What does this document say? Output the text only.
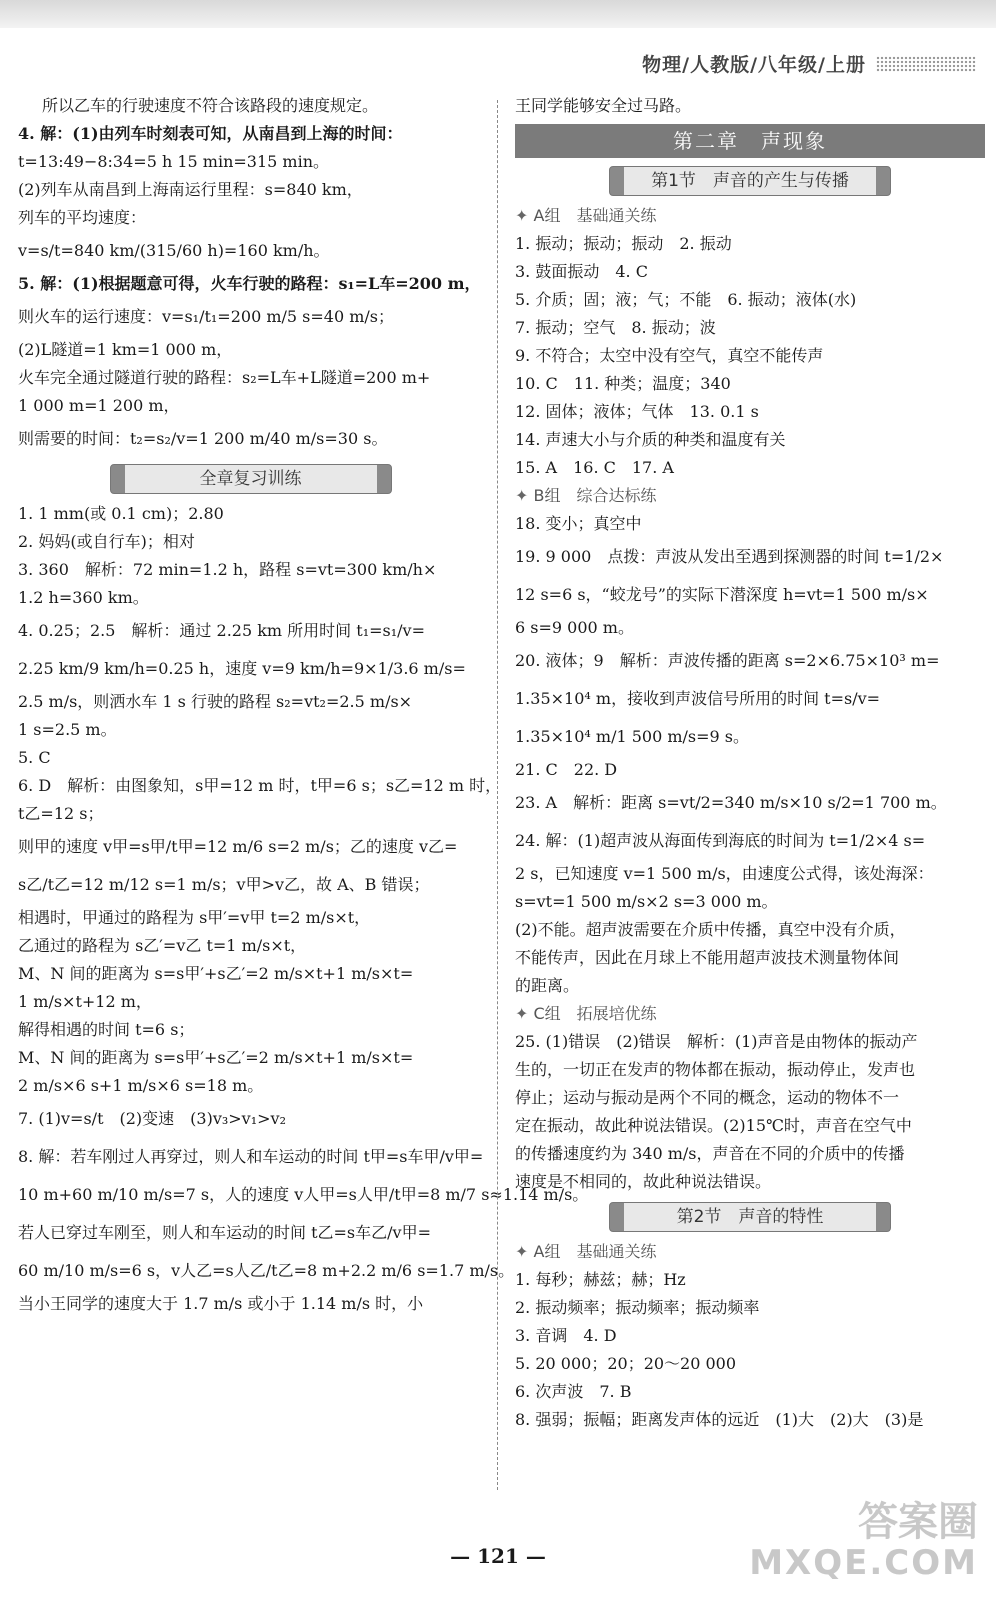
物理/人教版/八年级/上册
所以乙车的行驶速度不符合该路段的速度规定。
4. 解：(1)由列车时刻表可知，从南昌到上海的时间：
t=13:49−8:34=5 h 15 min=315 min。
(2)列车从南昌到上海南运行里程：s=840 km，
列车的平均速度：
v=s/t=840 km/(315/60 h)=160 km/h。
5. 解：(1)根据题意可得，火车行驶的路程：s₁=L车=200 m，
则火车的运行速度：v=s₁/t₁=200 m/5 s=40 m/s；
(2)L隧道=1 km=1 000 m，
火车完全通过隧道行驶的路程：s₂=L车+L隧道=200 m+
1 000 m=1 200 m，
则需要的时间：t₂=s₂/v=1 200 m/40 m/s=30 s。
全章复习训练
1. 1 mm(或 0.1 cm)；2.80
2. 妈妈(或自行车)；相对
3. 360　解析：72 min=1.2 h，路程 s=vt=300 km/h×
1.2 h=360 km。
4. 0.25；2.5　解析：通过 2.25 km 所用时间 t₁=s₁/v=
2.25 km/9 km/h=0.25 h，速度 v=9 km/h=9×1/3.6 m/s=
2.5 m/s，则洒水车 1 s 行驶的路程 s₂=vt₂=2.5 m/s×
1 s=2.5 m。
5. C
6. D　解析：由图象知，s甲=12 m 时，t甲=6 s；s乙=12 m 时，
t乙=12 s；
则甲的速度 v甲=s甲/t甲=12 m/6 s=2 m/s；乙的速度 v乙=
s乙/t乙=12 m/12 s=1 m/s；v甲>v乙，故 A、B 错误；
相遇时，甲通过的路程为 s甲′=v甲 t=2 m/s×t，
乙通过的路程为 s乙′=v乙 t=1 m/s×t，
M、N 间的距离为 s=s甲′+s乙′=2 m/s×t+1 m/s×t=
1 m/s×t+12 m，
解得相遇的时间 t=6 s；
M、N 间的距离为 s=s甲′+s乙′=2 m/s×t+1 m/s×t=
2 m/s×6 s+1 m/s×6 s=18 m。
7. (1)v=s/t　(2)变速　(3)v₃>v₁>v₂
8. 解：若车刚过人再穿过，则人和车运动的时间 t甲=s车甲/v甲=
10 m+60 m/10 m/s=7 s，人的速度 v人甲=s人甲/t甲=8 m/7 s≈1.14 m/s。
若人已穿过车刚至，则人和车运动的时间 t乙=s车乙/v甲=
60 m/10 m/s=6 s，v人乙=s人乙/t乙=8 m+2.2 m/6 s=1.7 m/s。
当小王同学的速度大于 1.7 m/s 或小于 1.14 m/s 时，小
王同学能够安全过马路。
第二章　声现象
第1节　声音的产生与传播
✦ A组　基础通关练
1. 振动；振动；振动　2. 振动
3. 鼓面振动　4. C
5. 介质；固；液；气；不能　6. 振动；液体(水)
7. 振动；空气　8. 振动；波
9. 不符合；太空中没有空气，真空不能传声
10. C　11. 种类；温度；340
12. 固体；液体；气体　13. 0.1 s
14. 声速大小与介质的种类和温度有关
15. A　16. C　17. A
✦ B组　综合达标练
18. 变小；真空中
19. 9 000　点拨：声波从发出至遇到探测器的时间 t=1/2×
12 s=6 s，“蛟龙号”的实际下潜深度 h=vt=1 500 m/s×
6 s=9 000 m。
20. 液体；9　解析：声波传播的距离 s=2×6.75×10³ m=
1.35×10⁴ m，接收到声波信号所用的时间 t=s/v=
1.35×10⁴ m/1 500 m/s=9 s。
21. C　22. D
23. A　解析：距离 s=vt/2=340 m/s×10 s/2=1 700 m。
24. 解：(1)超声波从海面传到海底的时间为 t=1/2×4 s=
2 s，已知速度 v=1 500 m/s，由速度公式得，该处海深：
s=vt=1 500 m/s×2 s=3 000 m。
(2)不能。超声波需要在介质中传播，真空中没有介质，
不能传声，因此在月球上不能用超声波技术测量物体间
的距离。
✦ C组　拓展培优练
25. (1)错误　(2)错误　解析：(1)声音是由物体的振动产
生的，一切正在发声的物体都在振动，振动停止，发声也
停止；运动与振动是两个不同的概念，运动的物体不一
定在振动，故此种说法错误。(2)15℃时，声音在空气中
的传播速度约为 340 m/s，声音在不同的介质中的传播
速度是不相同的，故此种说法错误。
第2节　声音的特性
✦ A组　基础通关练
1. 每秒；赫兹；赫；Hz
2. 振动频率；振动频率；振动频率
3. 音调　4. D
5. 20 000；20；20～20 000
6. 次声波　7. B
8. 强弱；振幅；距离发声体的远近　(1)大　(2)大　(3)是
— 121 —
答案圈
MXQE.COM
